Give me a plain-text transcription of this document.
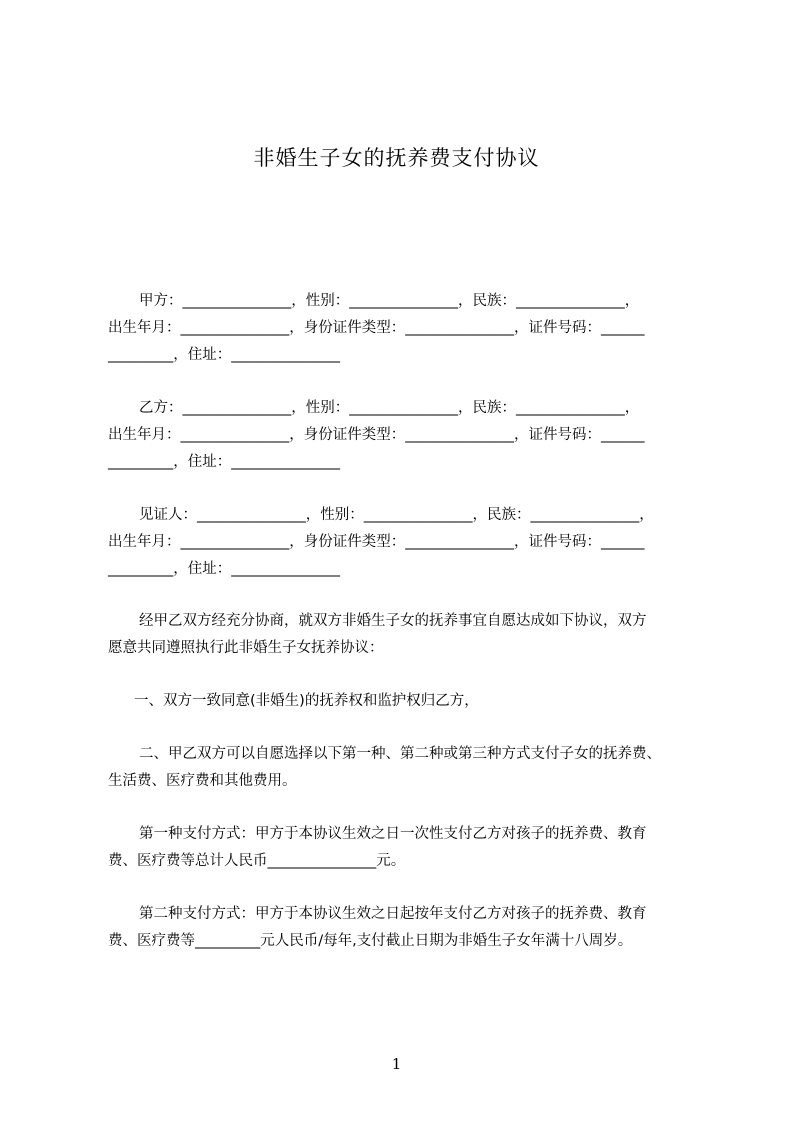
非婚生子女的抚养费支付协议
甲方：_______________，性别：_______________，民族：_______________，
出生年月：_______________，身份证件类型：_______________，证件号码：______
_________，住址：_______________
乙方：_______________，性别：_______________，民族：_______________，
出生年月：_______________，身份证件类型：_______________，证件号码：______
_________，住址：_______________
见证人：_______________，性别：_______________，民族：_______________，
出生年月：_______________，身份证件类型：_______________，证件号码：______
_________，住址：_______________
经甲乙双方经充分协商，就双方非婚生子女的抚养事宜自愿达成如下协议，双方
愿意共同遵照执行此非婚生子女抚养协议：
一、双方一致同意(非婚生)的抚养权和监护权归乙方，
二、甲乙双方可以自愿选择以下第一种、第二种或第三种方式支付子女的抚养费、
生活费、医疗费和其他费用。
第一种支付方式：甲方于本协议生效之日一次性支付乙方对孩子的抚养费、教育
费、医疗费等总计人民币_______________元。
第二种支付方式：甲方于本协议生效之日起按年支付乙方对孩子的抚养费、教育
费、医疗费等_________元人民币/每年,支付截止日期为非婚生子女年满十八周岁。
1
